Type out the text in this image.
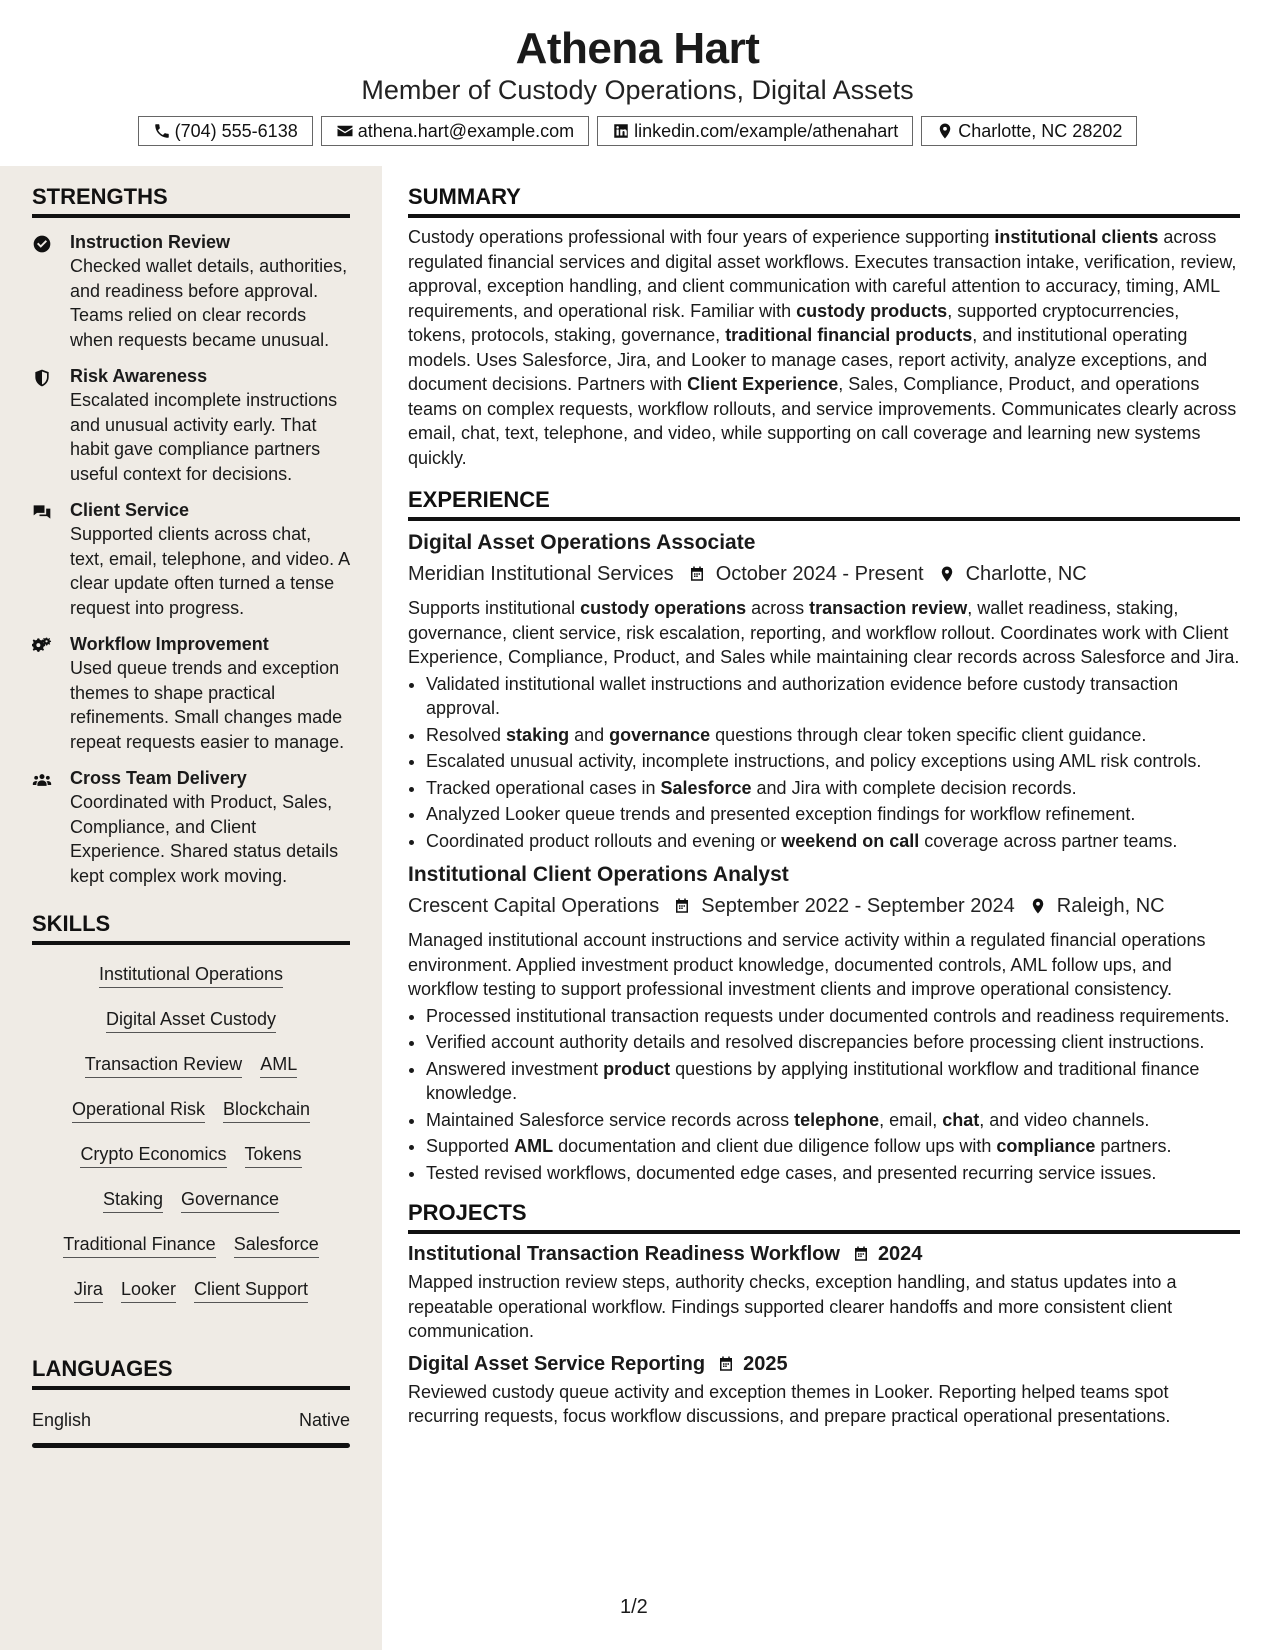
Athena Hart
Member of Custody Operations, Digital Assets
(704) 555-6138	athena.hart@example.com	linkedin.com/example/athenahart	Charlotte, NC 28202
STRENGTHS
Instruction Review
Checked wallet details, authorities, and readiness before approval. Teams relied on clear records when requests became unusual.
Risk Awareness
Escalated incomplete instructions and unusual activity early. That habit gave compliance partners useful context for decisions.
Client Service
Supported clients across chat, text, email, telephone, and video. A clear update often turned a tense request into progress.
Workflow Improvement
Used queue trends and exception themes to shape practical refinements. Small changes made repeat requests easier to manage.
Cross Team Delivery
Coordinated with Product, Sales, Compliance, and Client Experience. Shared status details kept complex work moving.
SKILLS
Institutional Operations
Digital Asset Custody
Transaction Review AML
Operational Risk Blockchain
Crypto Economics Tokens
Staking Governance
Traditional Finance Salesforce
Jira Looker Client Support
LANGUAGES
English	Native
SUMMARY
Custody operations professional with four years of experience supporting institutional clients across regulated financial services and digital asset workflows. Executes transaction intake, verification, review, approval, exception handling, and client communication with careful attention to accuracy, timing, AML requirements, and operational risk. Familiar with custody products, supported cryptocurrencies, tokens, protocols, staking, governance, traditional financial products, and institutional operating models. Uses Salesforce, Jira, and Looker to manage cases, report activity, analyze exceptions, and document decisions. Partners with Client Experience, Sales, Compliance, Product, and operations teams on complex requests, workflow rollouts, and service improvements. Communicates clearly across email, chat, text, telephone, and video, while supporting on call coverage and learning new systems quickly.
EXPERIENCE
Digital Asset Operations Associate
Meridian Institutional Services October 2024 - Present Charlotte, NC
Supports institutional custody operations across transaction review, wallet readiness, staking, governance, client service, risk escalation, reporting, and workflow rollout. Coordinates work with Client Experience, Compliance, Product, and Sales while maintaining clear records across Salesforce and Jira.
• Validated institutional wallet instructions and authorization evidence before custody transaction approval.
• Resolved staking and governance questions through clear token specific client guidance.
• Escalated unusual activity, incomplete instructions, and policy exceptions using AML risk controls.
• Tracked operational cases in Salesforce and Jira with complete decision records.
• Analyzed Looker queue trends and presented exception findings for workflow refinement.
• Coordinated product rollouts and evening or weekend on call coverage across partner teams.
Institutional Client Operations Analyst
Crescent Capital Operations September 2022 - September 2024 Raleigh, NC
Managed institutional account instructions and service activity within a regulated financial operations environment. Applied investment product knowledge, documented controls, AML follow ups, and workflow testing to support professional investment clients and improve operational consistency.
• Processed institutional transaction requests under documented controls and readiness requirements.
• Verified account authority details and resolved discrepancies before processing client instructions.
• Answered investment product questions by applying institutional workflow and traditional finance knowledge.
• Maintained Salesforce service records across telephone, email, chat, and video channels.
• Supported AML documentation and client due diligence follow ups with compliance partners.
• Tested revised workflows, documented edge cases, and presented recurring service issues.
PROJECTS
Institutional Transaction Readiness Workflow 2024
Mapped instruction review steps, authority checks, exception handling, and status updates into a repeatable operational workflow. Findings supported clearer handoffs and more consistent client communication.
Digital Asset Service Reporting 2025
Reviewed custody queue activity and exception themes in Looker. Reporting helped teams spot recurring requests, focus workflow discussions, and prepare practical operational presentations.
1/2
